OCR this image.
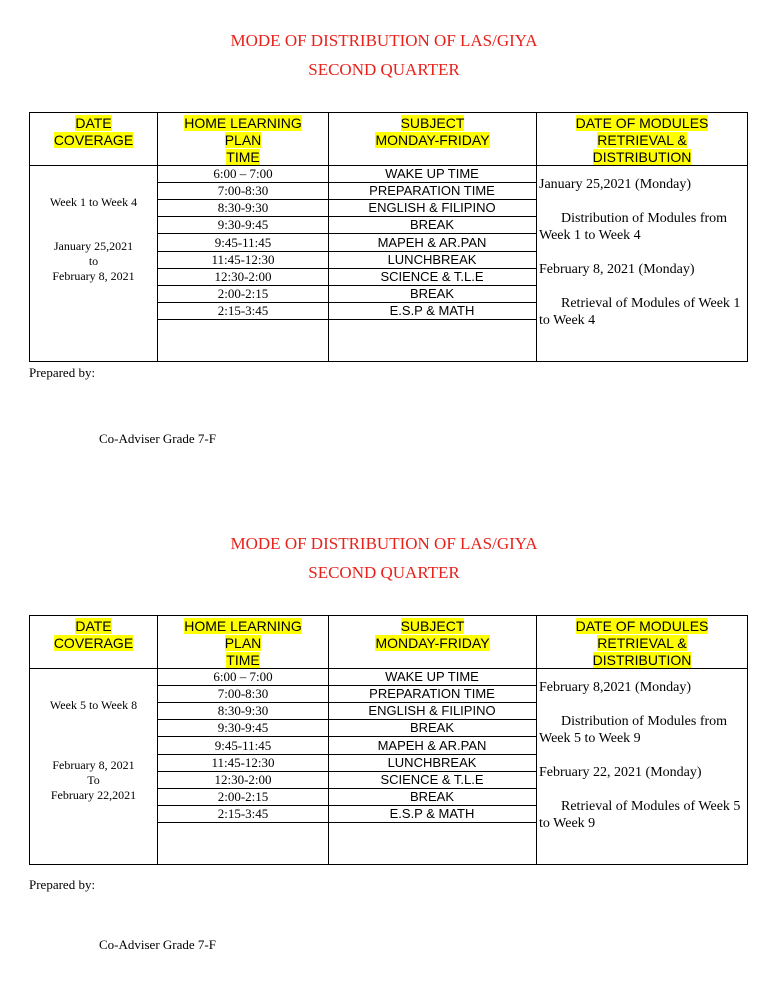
MODE OF DISTRIBUTION OF LAS/GIYA
SECOND QUARTER
DATE
COVERAGE
HOME LEARNING
PLAN
TIME
SUBJECT
MONDAY-FRIDAY
DATE OF MODULES
RETRIEVAL &
DISTRIBUTION
Week 1 to Week 4
January 25,2021
to
February 8, 2021
6:00 – 7:00
7:00-8:30
8:30-9:30
9:30-9:45
9:45-11:45
11:45-12:30
12:30-2:00
2:00-2:15
2:15-3:45
WAKE UP TIME
PREPARATION TIME
ENGLISH & FILIPINO
BREAK
MAPEH & AR.PAN
LUNCHBREAK
SCIENCE & T.L.E
BREAK
E.S.P & MATH
January 25,2021 (Monday)
Distribution of Modules from Week 1 to Week 4
February 8, 2021 (Monday)
Retrieval of Modules of Week 1 to Week 4
Prepared by:
Co-Adviser Grade 7-F
MODE OF DISTRIBUTION OF LAS/GIYA
SECOND QUARTER
DATE
COVERAGE
HOME LEARNING
PLAN
TIME
SUBJECT
MONDAY-FRIDAY
DATE OF MODULES
RETRIEVAL &
DISTRIBUTION
Week 5 to Week 8
February 8, 2021
To
February 22,2021
6:00 – 7:00
7:00-8:30
8:30-9:30
9:30-9:45
9:45-11:45
11:45-12:30
12:30-2:00
2:00-2:15
2:15-3:45
WAKE UP TIME
PREPARATION TIME
ENGLISH & FILIPINO
BREAK
MAPEH & AR.PAN
LUNCHBREAK
SCIENCE & T.L.E
BREAK
E.S.P & MATH
February 8,2021 (Monday)
Distribution of Modules from Week 5 to Week 9
February 22, 2021 (Monday)
Retrieval of Modules of Week 5 to Week 9
Prepared by:
Co-Adviser Grade 7-F
